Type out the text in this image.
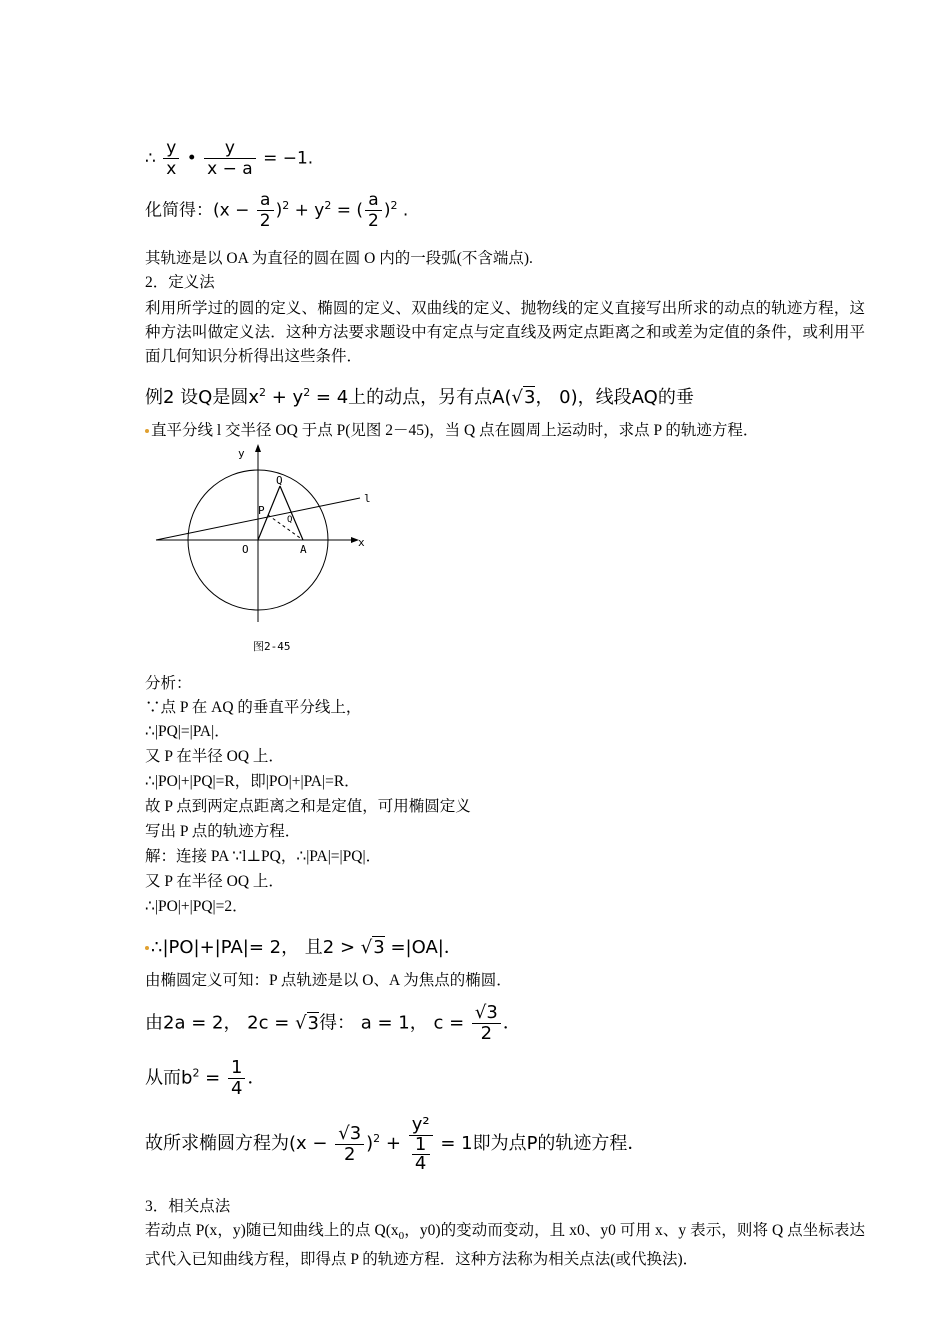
∴ $\frac{y}{x}$ • $\frac{y}{x - a} = -1$.
化简得：$(x - \frac{a}{2} )^2 + y^2$ = ( $\frac{a}{2} )^2$ .
其轨迹是以 OA 为直径的圆在圆 O 内的一段弧(不含端点).
2．定义法
利用所学过的圆的定义、椭圆的定义、双曲线的定义、抛物线的定义直接写出所求的动点的轨迹方程，这种方法叫做定义法．这种方法要求题设中有定点与定直线及两定点距离之和或差为定值的条件，或利用平面几何知识分析得出这些条件．
例2 设Q是圆$x^2 + y^2 = 4$上的动点，另有点A(√3， 0)，线段AQ的垂
直平分线 l 交半径 OQ 于点 P(见图 2－45)，当 Q 点在圆周上运动时，求点 P 的轨迹方程．
y
x
Q
l
P
Q
O	A
图2-45
分析：
∵点 P 在 AQ 的垂直平分线上，
∴|PQ|=|PA|．
又 P 在半径 OQ 上．
∴|PO|+|PQ|=R，即|PO|+|PA|=R．
故 P 点到两定点距离之和是定值，可用椭圆定义
写出 P 点的轨迹方程．
解：连接 PA ∵l⊥PQ，∴|PA|=|PQ|．
又 P 在半径 OQ 上．
∴|PO|+|PQ|=2．
∴|PO|+|PA|= 2， 且2 > √3 =|OA|．
由椭圆定义可知：P 点轨迹是以 O、A 为焦点的椭圆．
由2a = 2， 2c = √3得： a = 1， $c = \frac{√3}{2}$ ．
从而$b^2 = \frac{1}{4}$ ．
故所求椭圆方程为$(x - \frac{√3}{2} )^2 + y^2$
1
4 = 1即为点P的轨迹方程．
3．相关点法
若动点 P(x，y)随已知曲线上的点 $Q(x_0$，y0)的变动而变动，且 x0、y0 可用 x、y 表示，则将 Q 点坐标表达式代入已知曲线方程，即得点 P 的轨迹方程．这种方法称为相关点法(或代换法)．
